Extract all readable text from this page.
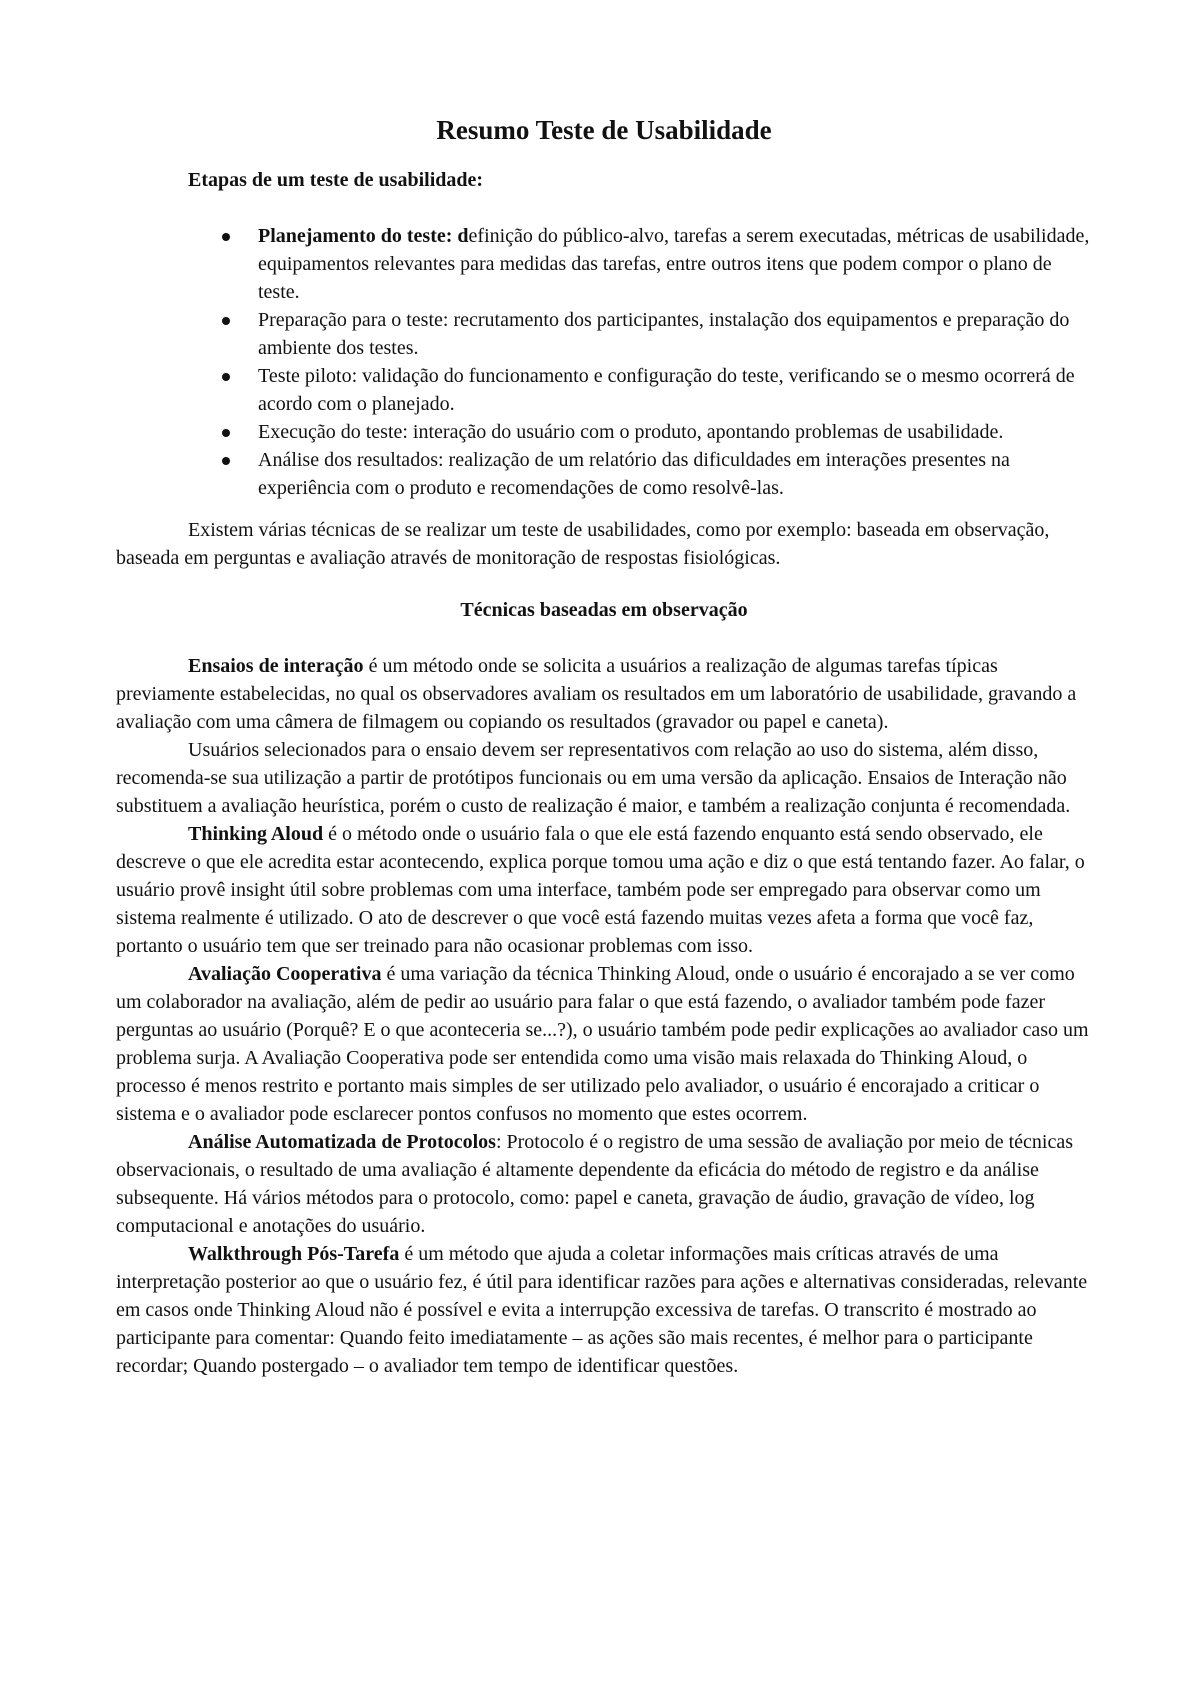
Resumo Teste de Usabilidade
Etapas de um teste de usabilidade:
Planejamento do teste: definição do público-alvo, tarefas a serem executadas, métricas de usabilidade, equipamentos relevantes para medidas das tarefas, entre outros itens que podem compor o plano de teste.
Preparação para o teste: recrutamento dos participantes, instalação dos equipamentos e preparação do ambiente dos testes.
Teste piloto: validação do funcionamento e configuração do teste, verificando se o mesmo ocorrerá de acordo com o planejado.
Execução do teste: interação do usuário com o produto, apontando problemas de usabilidade.
Análise dos resultados: realização de um relatório das dificuldades em interações presentes na experiência com o produto e recomendações de como resolvê-las.

Existem várias técnicas de se realizar um teste de usabilidades, como por exemplo: baseada em observação, baseada em perguntas e avaliação através de monitoração de respostas fisiológicas.

Técnicas baseadas em observação

Ensaios de interação é um método onde se solicita a usuários a realização de algumas tarefas típicas previamente estabelecidas, no qual os observadores avaliam os resultados em um laboratório de usabilidade, gravando a avaliação com uma câmera de filmagem ou copiando os resultados (gravador ou papel e caneta).

Usuários selecionados para o ensaio devem ser representativos com relação ao uso do sistema, além disso, recomenda-se sua utilização a partir de protótipos funcionais ou em uma versão da aplicação. Ensaios de Interação não substituem a avaliação heurística, porém o custo de realização é maior, e também a realização conjunta é recomendada.

Thinking Aloud é o método onde o usuário fala o que ele está fazendo enquanto está sendo observado, ele descreve o que ele acredita estar acontecendo, explica porque tomou uma ação e diz o que está tentando fazer. Ao falar, o usuário provê insight útil sobre problemas com uma interface, também pode ser empregado para observar como um sistema realmente é utilizado. O ato de descrever o que você está fazendo muitas vezes afeta a forma que você faz, portanto o usuário tem que ser treinado para não ocasionar problemas com isso.

Avaliação Cooperativa é uma variação da técnica Thinking Aloud, onde o usuário é encorajado a se ver como um colaborador na avaliação, além de pedir ao usuário para falar o que está fazendo, o avaliador também pode fazer perguntas ao usuário (Porquê? E o que aconteceria se...?), o usuário também pode pedir explicações ao avaliador caso um problema surja. A Avaliação Cooperativa pode ser entendida como uma visão mais relaxada do Thinking Aloud, o processo é menos restrito e portanto mais simples de ser utilizado pelo avaliador, o usuário é encorajado a criticar o sistema e o avaliador pode esclarecer pontos confusos no momento que estes ocorrem.

Análise Automatizada de Protocolos: Protocolo é o registro de uma sessão de avaliação por meio de técnicas observacionais, o resultado de uma avaliação é altamente dependente da eficácia do método de registro e da análise subsequente. Há vários métodos para o protocolo, como: papel e caneta, gravação de áudio, gravação de vídeo, log computacional e anotações do usuário.

Walkthrough Pós-Tarefa é um método que ajuda a coletar informações mais críticas através de uma interpretação posterior ao que o usuário fez, é útil para identificar razões para ações e alternativas consideradas, relevante em casos onde Thinking Aloud não é possível e evita a interrupção excessiva de tarefas. O transcrito é mostrado ao participante para comentar: Quando feito imediatamente – as ações são mais recentes, é melhor para o participante recordar; Quando postergado – o avaliador tem tempo de identificar questões.
